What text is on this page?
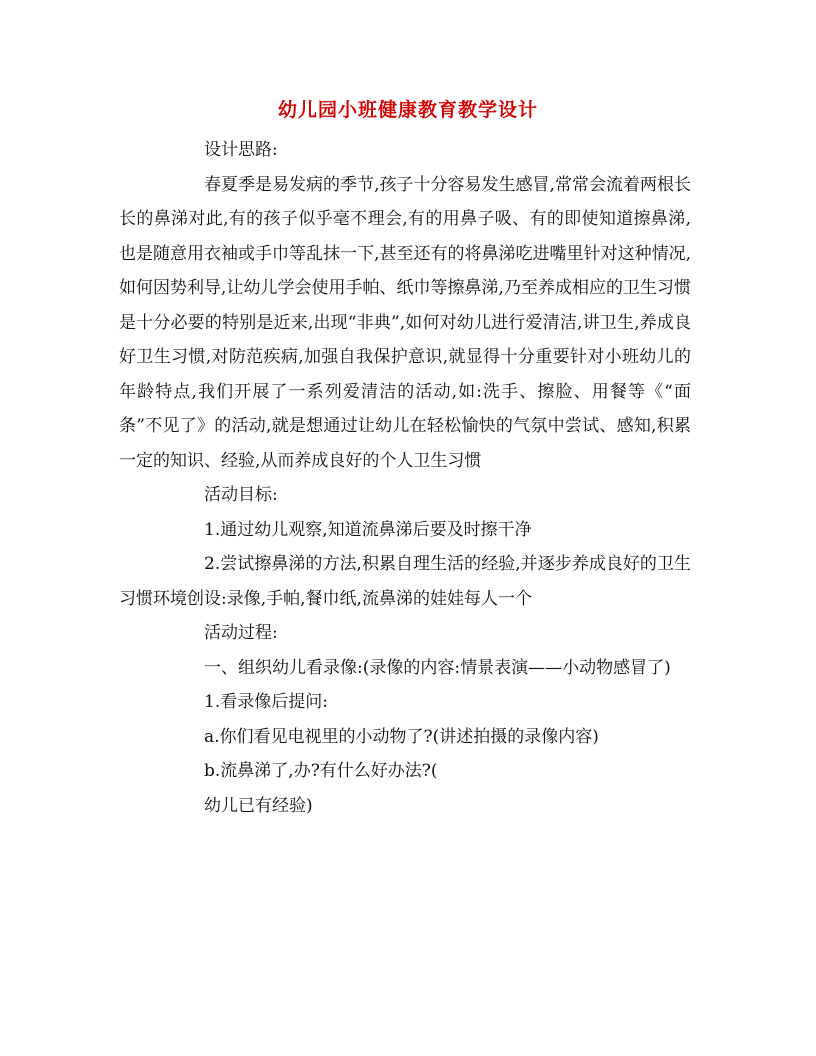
幼儿园小班健康教育教学设计

设计思路:

春夏季是易发病的季节,孩子十分容易发生感冒,常常会流着两根长长的鼻涕对此,有的孩子似乎毫不理会,有的用鼻子吸、有的即使知道擦鼻涕,也是随意用衣袖或手巾等乱抹一下,甚至还有的将鼻涕吃进嘴里针对这种情况,如何因势利导,让幼儿学会使用手帕、纸巾等擦鼻涕,乃至养成相应的卫生习惯是十分必要的特别是近来,出现“非典”,如何对幼儿进行爱清洁,讲卫生,养成良好卫生习惯,对防范疾病,加强自我保护意识,就显得十分重要针对小班幼儿的年龄特点,我们开展了一系列爱清洁的活动,如:洗手、擦脸、用餐等《“面条”不见了》的活动,就是想通过让幼儿在轻松愉快的气氛中尝试、感知,积累一定的知识、经验,从而养成良好的个人卫生习惯

活动目标:

1.通过幼儿观察,知道流鼻涕后要及时擦干净

2.尝试擦鼻涕的方法,积累自理生活的经验,并逐步养成良好的卫生习惯环境创设:录像,手帕,餐巾纸,流鼻涕的娃娃每人一个

活动过程:

一、组织幼儿看录像:(录像的内容:情景表演——小动物感冒了)

1.看录像后提问:

a.你们看见电视里的小动物了?(讲述拍摄的录像内容)

b.流鼻涕了,办?有什么好办法?(

幼儿已有经验)
